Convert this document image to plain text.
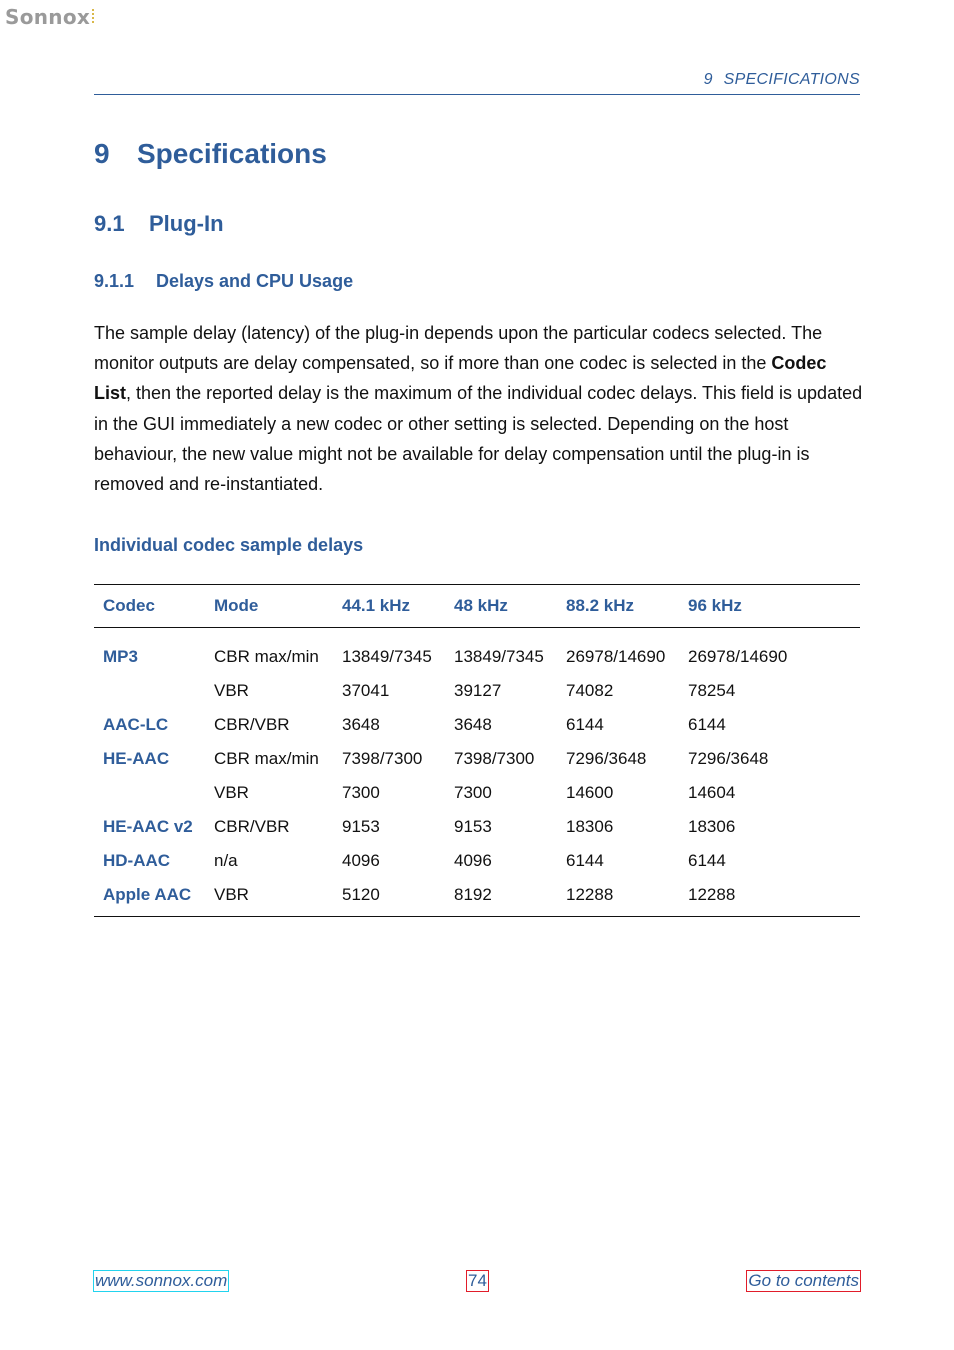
Sonnox
9 SPECIFICATIONS
9 Specifications
9.1 Plug-In
9.1.1 Delays and CPU Usage

The sample delay (latency) of the plug-in depends upon the particular codecs selected. The monitor outputs are delay compensated, so if more than one codec is selected in the Codec List, then the reported delay is the maximum of the individual codec delays. This field is updated in the GUI immediately a new codec or other setting is selected. Depending on the host behaviour, the new value might not be available for delay compensation until the plug-in is removed and re-instantiated.

Individual codec sample delays

Codec	Mode	44.1 kHz	48 kHz	88.2 kHz	96 kHz
MP3	CBR max/min	13849/7345	13849/7345	26978/14690	26978/14690
	VBR	37041	39127	74082	78254
AAC-LC	CBR/VBR	3648	3648	6144	6144
HE-AAC	CBR max/min	7398/7300	7398/7300	7296/3648	7296/3648
	VBR	7300	7300	14600	14604
HE-AAC v2	CBR/VBR	9153	9153	18306	18306
HD-AAC	n/a	4096	4096	6144	6144
Apple AAC	VBR	5120	8192	12288	12288
www.sonnox.com	74	Go to contents
